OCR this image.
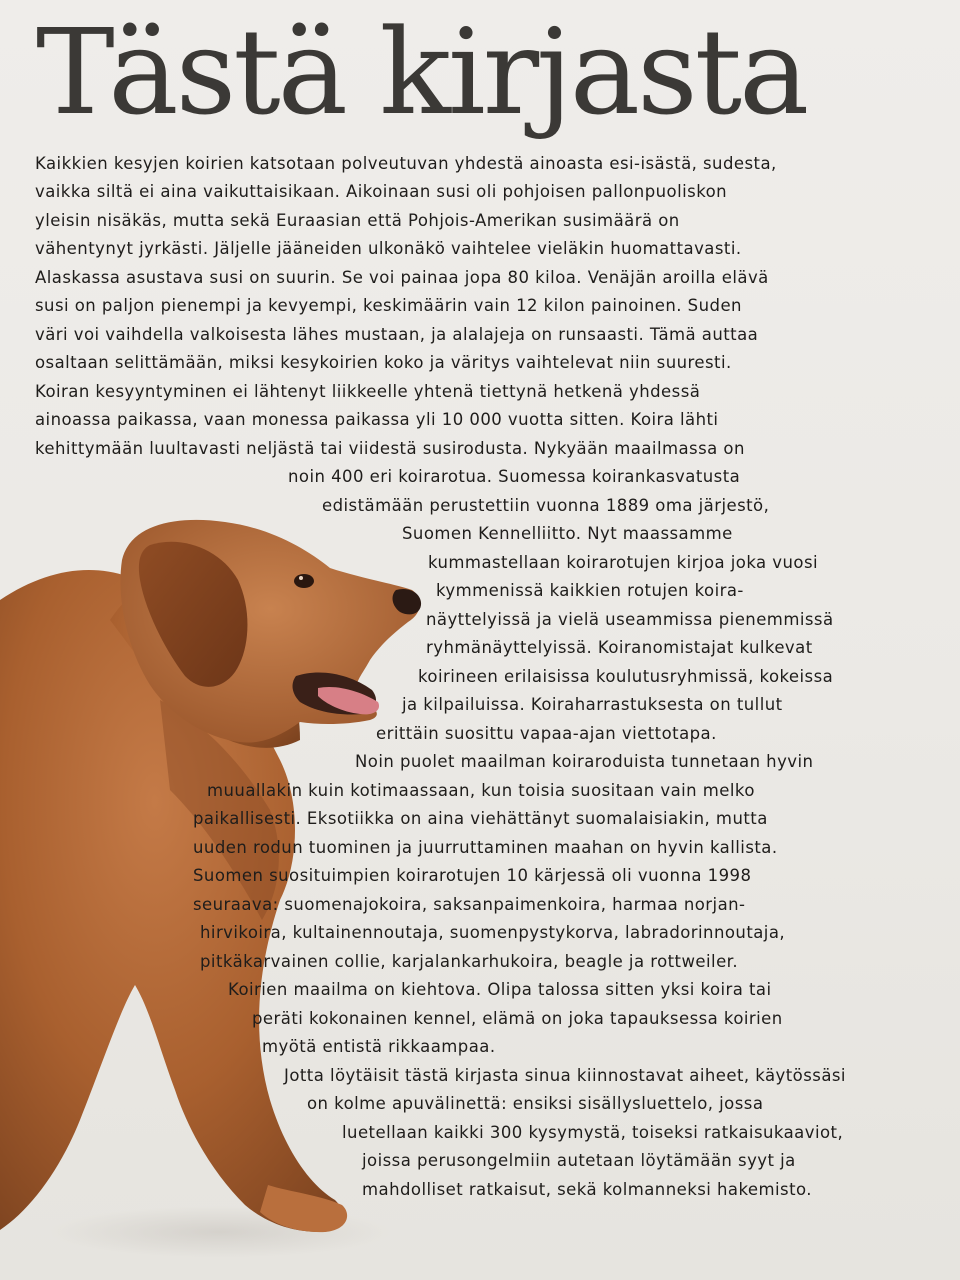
Tästä kirjasta
Kaikkien kesyjen koirien katsotaan polveutuvan yhdestä ainoasta esi-isästä, sudesta,
vaikka siltä ei aina vaikuttaisikaan. Aikoinaan susi oli pohjoisen pallonpuoliskon
yleisin nisäkäs, mutta sekä Euraasian että Pohjois-Amerikan susimäärä on
vähentynyt jyrkästi. Jäljelle jääneiden ulkonäkö vaihtelee vieläkin huomattavasti.
Alaskassa asustava susi on suurin. Se voi painaa jopa 80 kiloa. Venäjän aroilla elävä
susi on paljon pienempi ja kevyempi, keskimäärin vain 12 kilon painoinen. Suden
väri voi vaihdella valkoisesta lähes mustaan, ja alalajeja on runsaasti. Tämä auttaa
osaltaan selittämään, miksi kesykoirien koko ja väritys vaihtelevat niin suuresti.
Koiran kesyyntyminen ei lähtenyt liikkeelle yhtenä tiettynä hetkenä yhdessä
ainoassa paikassa, vaan monessa paikassa yli 10 000 vuotta sitten. Koira lähti
kehittymään luultavasti neljästä tai viidestä susirodusta. Nykyään maailmassa on
noin 400 eri koirarotua. Suomessa koirankasvatusta
edistämään perustettiin vuonna 1889 oma järjestö,
Suomen Kennelliitto. Nyt maassamme
kummastellaan koirarotujen kirjoa joka vuosi
kymmenissä kaikkien rotujen koira-
näyttelyissä ja vielä useammissa pienemmissä
ryhmänäyttelyissä. Koiranomistajat kulkevat
koirineen erilaisissa koulutusryhmissä, kokeissa
ja kilpailuissa. Koiraharrastuksesta on tullut
erittäin suosittu vapaa-ajan viettotapa.
Noin puolet maailman koiraroduista tunnetaan hyvin
muuallakin kuin kotimaassaan, kun toisia suositaan vain melko
paikallisesti. Eksotiikka on aina viehättänyt suomalaisiakin, mutta
uuden rodun tuominen ja juurruttaminen maahan on hyvin kallista.
Suomen suosituimpien koirarotujen 10 kärjessä oli vuonna 1998
seuraava: suomenajokoira, saksanpaimenkoira, harmaa norjan-
hirvikoira, kultainennoutaja, suomenpystykorva, labradorinnoutaja,
pitkäkarvainen collie, karjalankarhukoira, beagle ja rottweiler.
Koirien maailma on kiehtova. Olipa talossa sitten yksi koira tai
peräti kokonainen kennel, elämä on joka tapauksessa koirien
myötä entistä rikkaampaa.
Jotta löytäisit tästä kirjasta sinua kiinnostavat aiheet, käytössäsi
on kolme apuvälinettä: ensiksi sisällysluettelo, jossa
luetellaan kaikki 300 kysymystä, toiseksi ratkaisukaaviot,
joissa perusongelmiin autetaan löytämään syyt ja
mahdolliset ratkaisut, sekä kolmanneksi hakemisto.
